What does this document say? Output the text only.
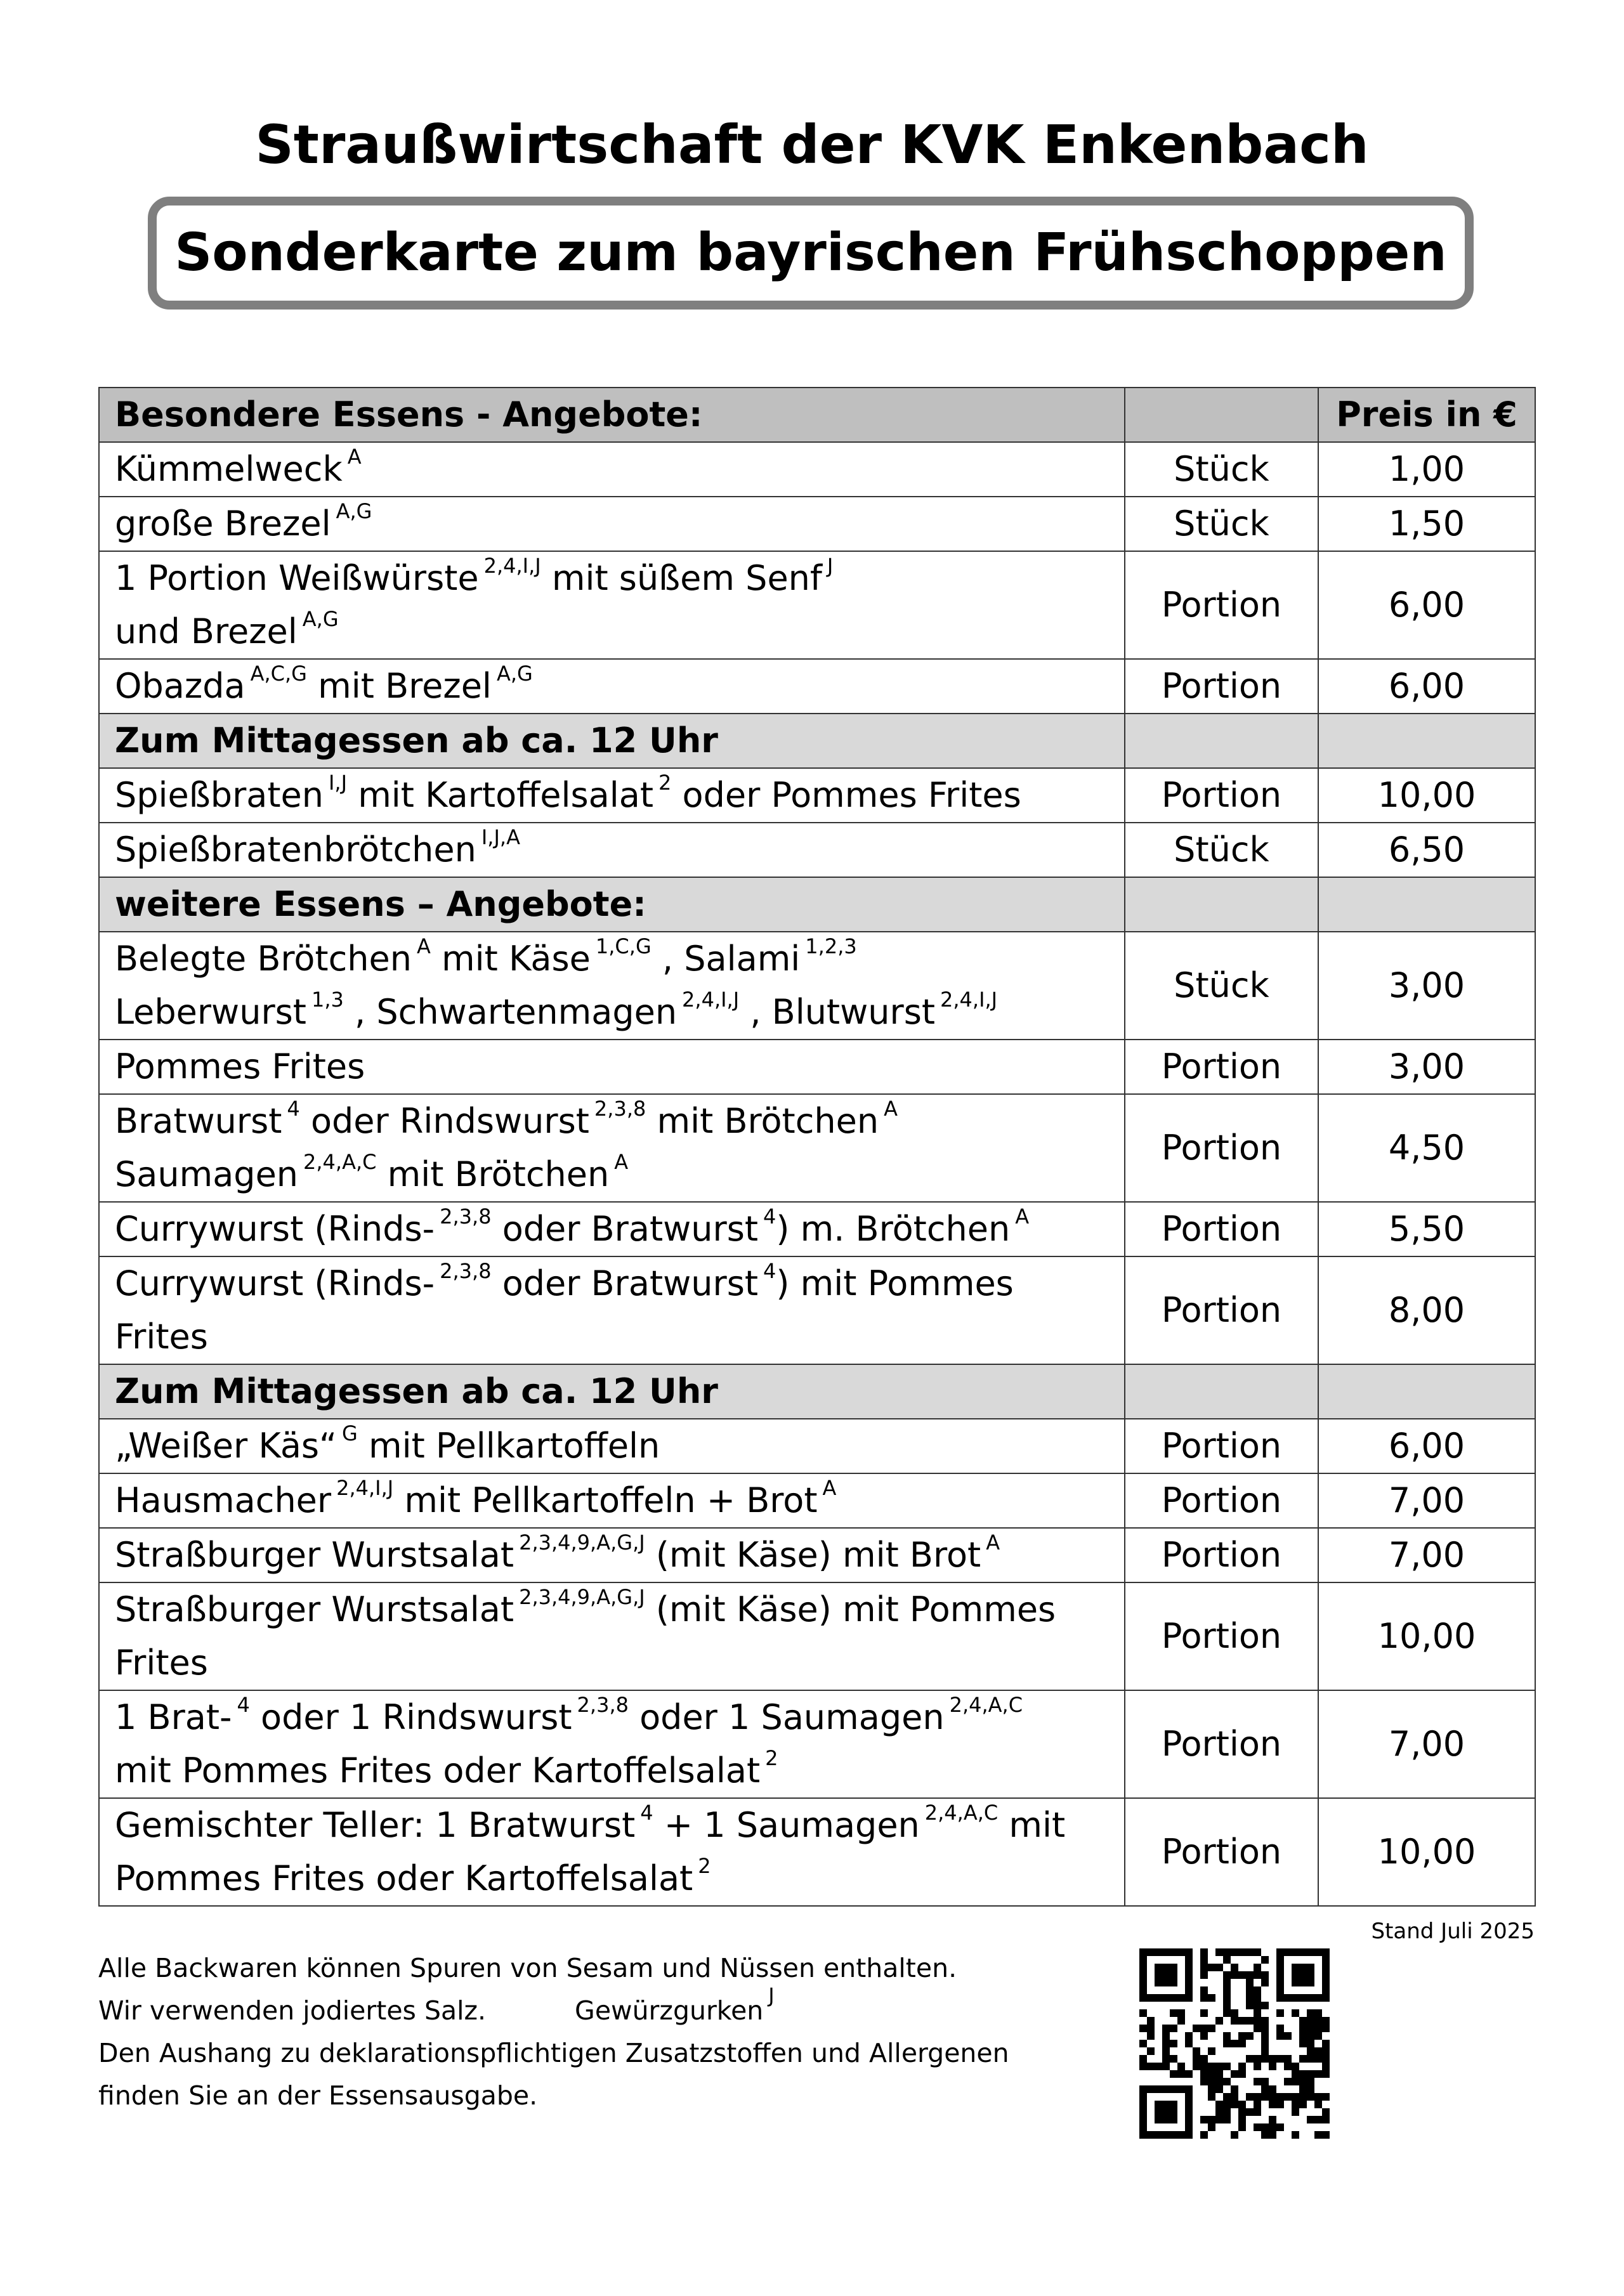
Straußwirtschaft der KVK Enkenbach
Sonderkarte zum bayrischen Frühschoppen
Besondere Essens - Angebote:		Preis in €

Kümmelweck $^A$	Stück	1,00

große Brezel $^{A,G}$	Stück	1,50

1 Portion Weißwürste $^{2,4,I,J}$ mit süßem Senf $^J$
und Brezel $^{A,G}$	Portion	6,00

Obazda $^{A,C,G}$ mit Brezel $^{A,G}$	Portion	6,00
Zum Mittagessen ab ca. 12 Uhr		

Spießbraten $^{I,J}$ mit Kartoffelsalat $^2$ oder Pommes Frites	Portion	10,00

Spießbratenbrötchen $^{I,J,A}$	Stück	6,50
weitere Essens – Angebote:		

Belegte Brötchen $^A$ mit Käse $^{1,C,G}$ , Salami $^{1,2,3}$
Leberwurst $^{1,3}$ , Schwartenmagen $^{2,4,I,J}$ , Blutwurst $^{2,4,I,J}$	Stück	3,00

Pommes Frites	Portion	3,00

Bratwurst $^4$ oder Rindswurst $^{2,3,8}$ mit Brötchen $^A$
Saumagen $^{2,4,A,C}$ mit Brötchen $^A$	Portion	4,50

Currywurst (Rinds- $^{2,3,8}$ oder Bratwurst $^4$) m. Brötchen $^A$	Portion	5,50

Currywurst (Rinds- $^{2,3,8}$ oder Bratwurst $^4$) mit Pommes
Frites	Portion	8,00
Zum Mittagessen ab ca. 12 Uhr		

„Weißer Käs“ $^G$ mit Pellkartoffeln	Portion	6,00

Hausmacher $^{2,4,I,J}$ mit Pellkartoffeln + Brot $^A$	Portion	7,00

Straßburger Wurstsalat $^{2,3,4,9,A,G,J}$ (mit Käse) mit Brot $^A$	Portion	7,00

Straßburger Wurstsalat $^{2,3,4,9,A,G,J}$ (mit Käse) mit Pommes
Frites	Portion	10,00

1 Brat- $^4$ oder 1 Rindswurst $^{2,3,8}$ oder 1 Saumagen $^{2,4,A,C}$
mit Pommes Frites oder Kartoffelsalat $^2$	Portion	7,00

Gemischter Teller: 1 Bratwurst $^4$ + 1 Saumagen $^{2,4,A,C}$ mit
Pommes Frites oder Kartoffelsalat $^2$	Portion	10,00
Stand Juli 2025
Alle Backwaren können Spuren von Sesam und Nüssen enthalten.
Wir verwenden jodiertes Salz.	Gewürzgurken$^J$
Den Aushang zu deklarationspflichtigen Zusatzstoffen und Allergenen
finden Sie an der Essensausgabe.
